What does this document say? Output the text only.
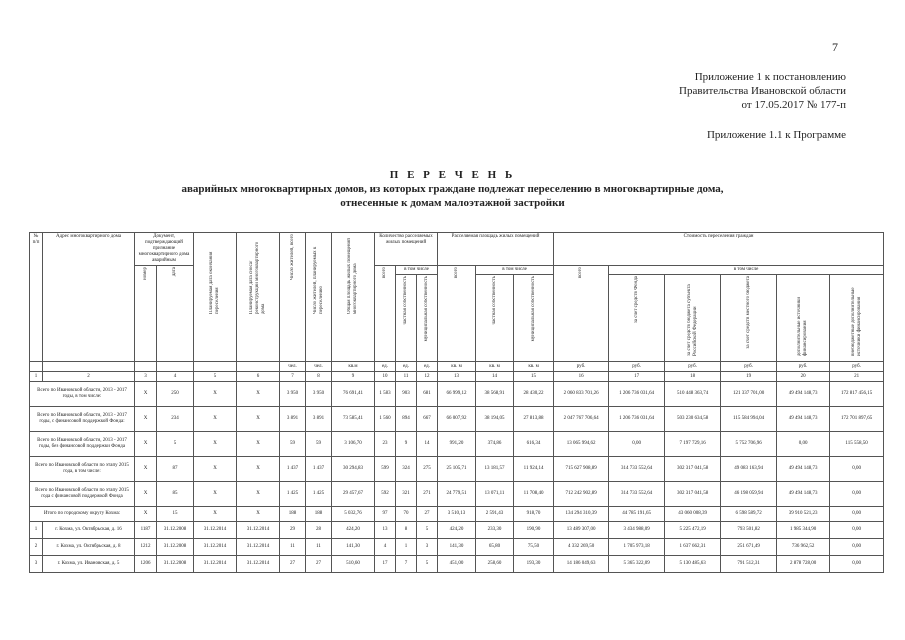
7
Приложение 1 к постановлению
Правительства Ивановской области
от 17.05.2017 № 177-п
Приложение 1.1 к Программе
П Е Р Е Ч Е Н Ь
аварийных многоквартирных домов, из которых граждане подлежат переселению в многоквартирные дома,
отнесенные к домам малоэтажной застройки
№ п/п	Адрес многоквартирного дома	Документ, подтверждающий признание многоквартирного дома аварийным		Планируемая дата окончания переселения	Планируемая дата сноса/реконструкции многоквартирного дома	Число жителей, всего	Число жителей, планируемых к переселению	Общая площадь жилых помещений многоквартирного дома	Количество расселяемых жилых помещений			Расселяемая площадь жилых помещений			Стоимость переселения граждан					
		номер	дата						всего	в том числе		всего	в том числе		всего	в том числе				
										частная собственность	муниципальная собственность		частная собственность	муниципальная собственность		за счет средств Фонда	за счет средств бюджета субъекта Российской Федерации	за счет средств местного бюджета	дополнительные источники финансирования	внебюджетные дополнительные источники финансирования
						чел.	чел.	кв.м	ед.	ед.	ед.	кв. м	кв. м	кв. м	руб.	руб.	руб.	руб.	руб.	руб.
1	2	3	4	5	6	7	8	9	10	11	12	13	14	15	16	17	18	19	20	21
Всего по Ивановской области, 2013 - 2017 годы, в том числе:		X	250	X	X	3 950	3 950	76 691,41	1 583	903	681	66 999,12	38 568,91	28 430,22	2 060 833 701,26	1 206 736 031,64	510 448 363,74	121 337 701,00	49 494 148,73	172 817 456,15
Всего по Ивановской области, 2013 - 2017 годы, с финансовой поддержкой Фонда:		X	234	X	X	3 891	3 891	73 585,41	1 560	894	667	66 007,92	38 194,05	27 813,88	2 047 767 706,64	1 206 736 031,64	503 230 634,58	115 584 994,04	49 494 148,73	172 701 897,65
Всего по Ивановской области, 2013 - 2017 годы, без финансовой поддержки Фонда		X	5	X	X	59	59	3 106,70	23	9	14	991,20	374,86	616,34	13 065 994,62	0,00	7 197 729,16	5 752 706,96	0,00	115 558,50
Всего по Ивановской области по этапу 2015 года, в том числе:		X	87	X	X	1 437	1 437	30 294,83	599	324	275	25 105,71	13 181,57	11 924,14	715 627 908,89	314 733 552,64	302 317 041,58	49 083 163,94	49 494 148,73	0,00
Всего по Ивановской области по этапу 2015 года с финансовой поддержкой Фонда		X	85	X	X	1 425	1 425	29 457,67	592	321	271	24 779,51	13 071,11	11 708,40	712 242 902,89	314 733 552,64	302 317 041,58	46 198 059,94	49 494 148,73	0,00
Итого по городскому округу Кохма:		X	15	X	X	188	188	5 032,76	97	70	27	3 510,13	2 591,43	918,70	134 294 310,39	44 785 191,65	43 060 008,39	6 598 589,72	39 910 521,23	0,00
1	г. Кохма, ул. Октябрьская, д. 16	1187	31.12.2008	31.12.2014	31.12.2014	29	28	424,20	13	8	5	424,20	233,30	190,90	13 489 307,00	3 434 988,09	5 225 472,19	793 501,82	1 985 344,90	0,00
2	г. Кохма, ул. Октябрьская, д. 8	1212	31.12.2008	31.12.2014	31.12.2014	11	11	141,30	4	1	3	141,30	65,80	75,50	4 332 269,50	1 705 973,18	1 637 662,31	251 671,49	736 962,52	0,00
3	г. Кохма, ул. Ивановская, д. 5	1206	31.12.2008	31.12.2014	31.12.2014	27	27	510,60	17	7	5	451,00	258,60	193,30	14 186 049,63	5 365 322,09	5 130 485,63	791 512,31	2 878 728,00	0,00
